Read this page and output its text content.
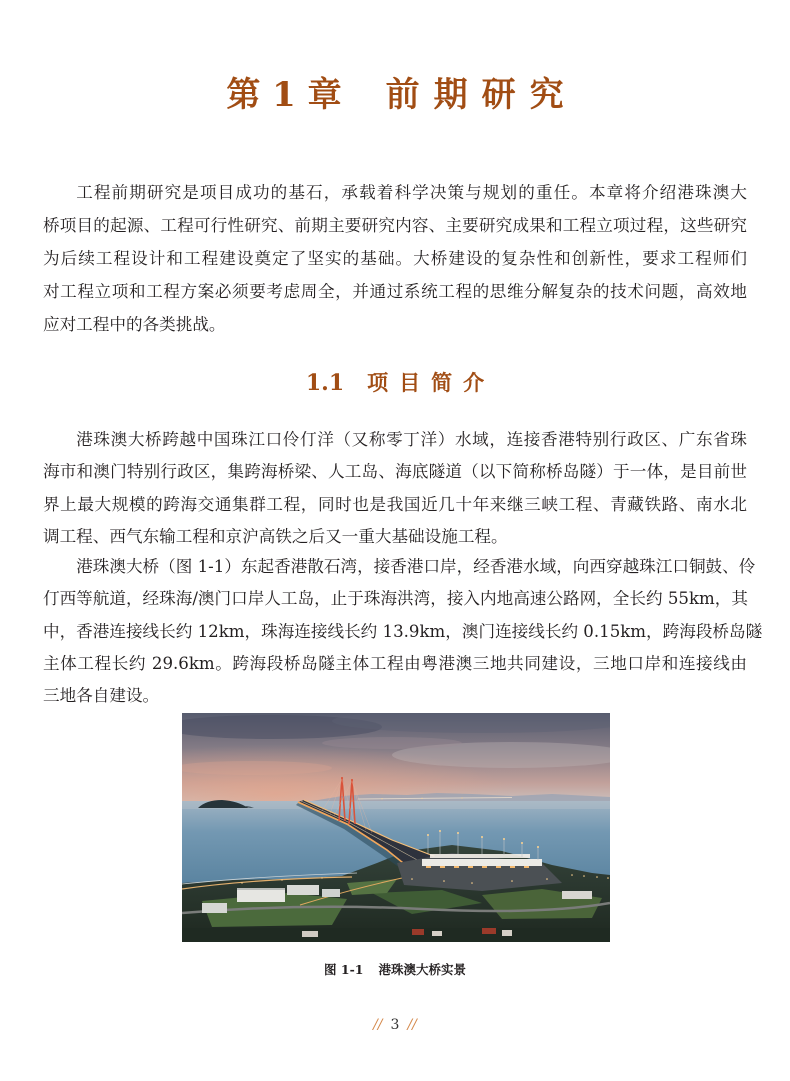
第 1 章 前期研究
工程前期研究是项目成功的基石，承载着科学决策与规划的重任。本章将介绍港珠澳大
桥项目的起源、工程可行性研究、前期主要研究内容、主要研究成果和工程立项过程，这些研究
为后续工程设计和工程建设奠定了坚实的基础。大桥建设的复杂性和创新性，要求工程师们
对工程立项和工程方案必须要考虑周全，并通过系统工程的思维分解复杂的技术问题，高效地
应对工程中的各类挑战。
1.1 项目简介
港珠澳大桥跨越中国珠江口伶仃洋（又称零丁洋）水域，连接香港特别行政区、广东省珠
海市和澳门特别行政区，集跨海桥梁、人工岛、海底隧道（以下简称桥岛隧）于一体，是目前世
界上最大规模的跨海交通集群工程，同时也是我国近几十年来继三峡工程、青藏铁路、南水北
调工程、西气东输工程和京沪高铁之后又一重大基础设施工程。
港珠澳大桥（图 1-1）东起香港散石湾，接香港口岸，经香港水域，向西穿越珠江口铜鼓、伶
仃西等航道，经珠海/澳门口岸人工岛，止于珠海洪湾，接入内地高速公路网，全长约 55km，其
中，香港连接线长约 12km，珠海连接线长约 13.9km，澳门连接线长约 0.15km，跨海段桥岛隧
主体工程长约 29.6km。跨海段桥岛隧主体工程由粤港澳三地共同建设，三地口岸和连接线由
三地各自建设。
图 1-1 港珠澳大桥实景
// 3 //
